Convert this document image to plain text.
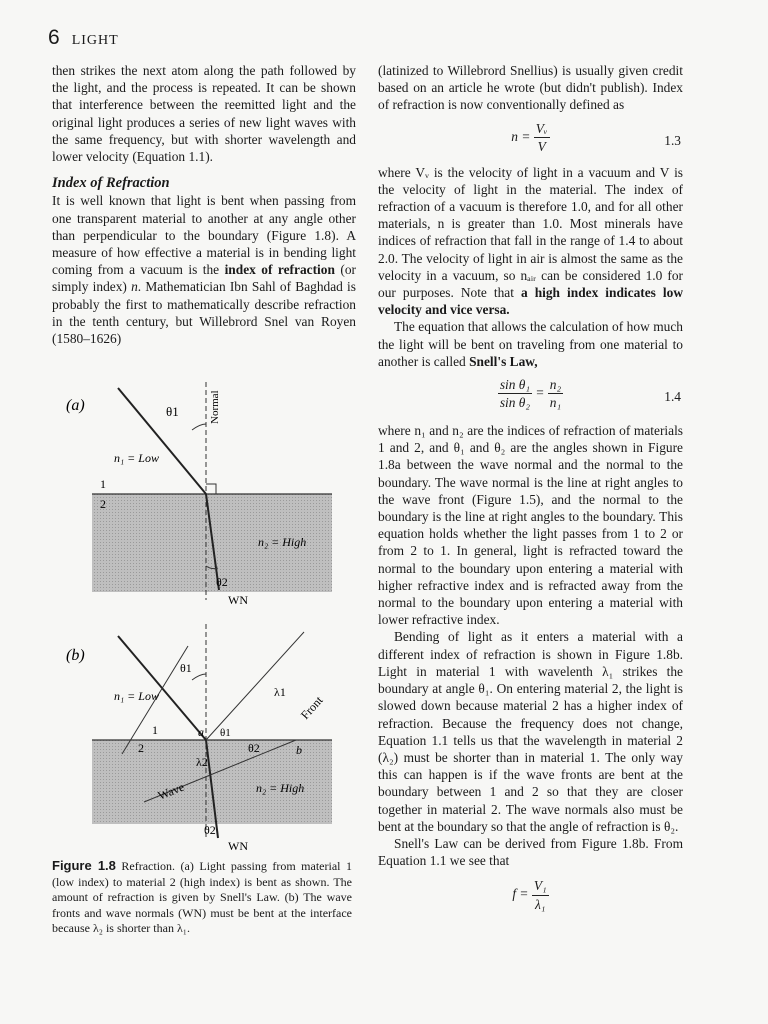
6 LIGHT

then strikes the next atom along the path followed by the light, and the process is repeated. It can be shown that interference between the reemitted light and the original light produces a series of new light waves with the same frequency, but with shorter wavelength and lower velocity (Equation 1.1).

Index of Refraction

It is well known that light is bent when passing from one transparent material to another at any angle other than perpendicular to the boundary (Figure 1.8). A measure of how effective a material is in bending light coming from a vacuum is the index of refraction (or simply index) n. Mathematician Ibn Sahl of Baghdad is probably the first to mathematically describe refraction in the tenth century, but Willebrord Snel van Royen (1580–1626)

(a)	θ1	Normal
n₁ = Low
1
2
n₂ = High
θ2
WN
(b)
θ1
θ1
n₁ = Low
1
2
λ1
Front
a
b
θ2
λ2
Wave	n₂ = High
θ2
WN
Figure 1.8 Refraction. (a) Light passing from material 1 (low index) to material 2 (high index) is bent as shown. The amount of refraction is given by Snell's Law. (b) The wave fronts and wave normals (WN) must be bent at the interface because λ₂ is shorter than λ₁.

(latinized to Willebrord Snellius) is usually given credit based on an article he wrote (but didn't publish). Index of refraction is now conventionally defined as

$n = \frac{\text{Vᵥ}}{V}$	1.3

where Vᵥ is the velocity of light in a vacuum and V is the velocity of light in the material. The index of refraction of a vacuum is therefore 1.0, and for all other materials, n is greater than 1.0. Most minerals have indices of refraction that fall in the range of 1.4 to about 2.0. The velocity of light in air is almost the same as the velocity in a vacuum, so nₐᵢᵣ can be considered 1.0 for our purposes. Note that a high index indicates low velocity and vice versa.

The equation that allows the calculation of how much the light will be bent on traveling from one material to another is called Snell's Law,

$\frac{\text{sin θ₁}}{\text{sin θ₂}} = \frac{\text{n₂}}{\text{n₁}}$	1.4

where n₁ and n₂ are the indices of refraction of materials 1 and 2, and θ₁ and θ₂ are the angles shown in Figure 1.8a between the wave normal and the normal to the boundary. The wave normal is the line at right angles to the wave front (Figure 1.5), and the normal to the boundary is the line at right angles to the boundary. This equation holds whether the light passes from 1 to 2 or from 2 to 1. In general, light is refracted toward the normal to the boundary upon entering a material with higher refractive index and is refracted away from the normal to the boundary upon entering a material with lower refractive index.

Bending of light as it enters a material with a different index of refraction is shown in Figure 1.8b. Light in material 1 with wavelenth λ₁ strikes the boundary at angle θ₁. On entering material 2, the light is slowed down because material 2 has a higher index of refraction. Because the frequency does not change, Equation 1.1 tells us that the wavelength in material 2 (λ₂) must be shorter than in material 1. The only way this can happen is if the wave fronts are bent at the boundary between 1 and 2 so that they are closer together in material 2. The wave normals also must be bent at the boundary so that the angle of refraction is θ₂.

Snell's Law can be derived from Figure 1.8b. From Equation 1.1 we see that

$f = \frac{\text{V₁}}{\text{λ₁}}$
